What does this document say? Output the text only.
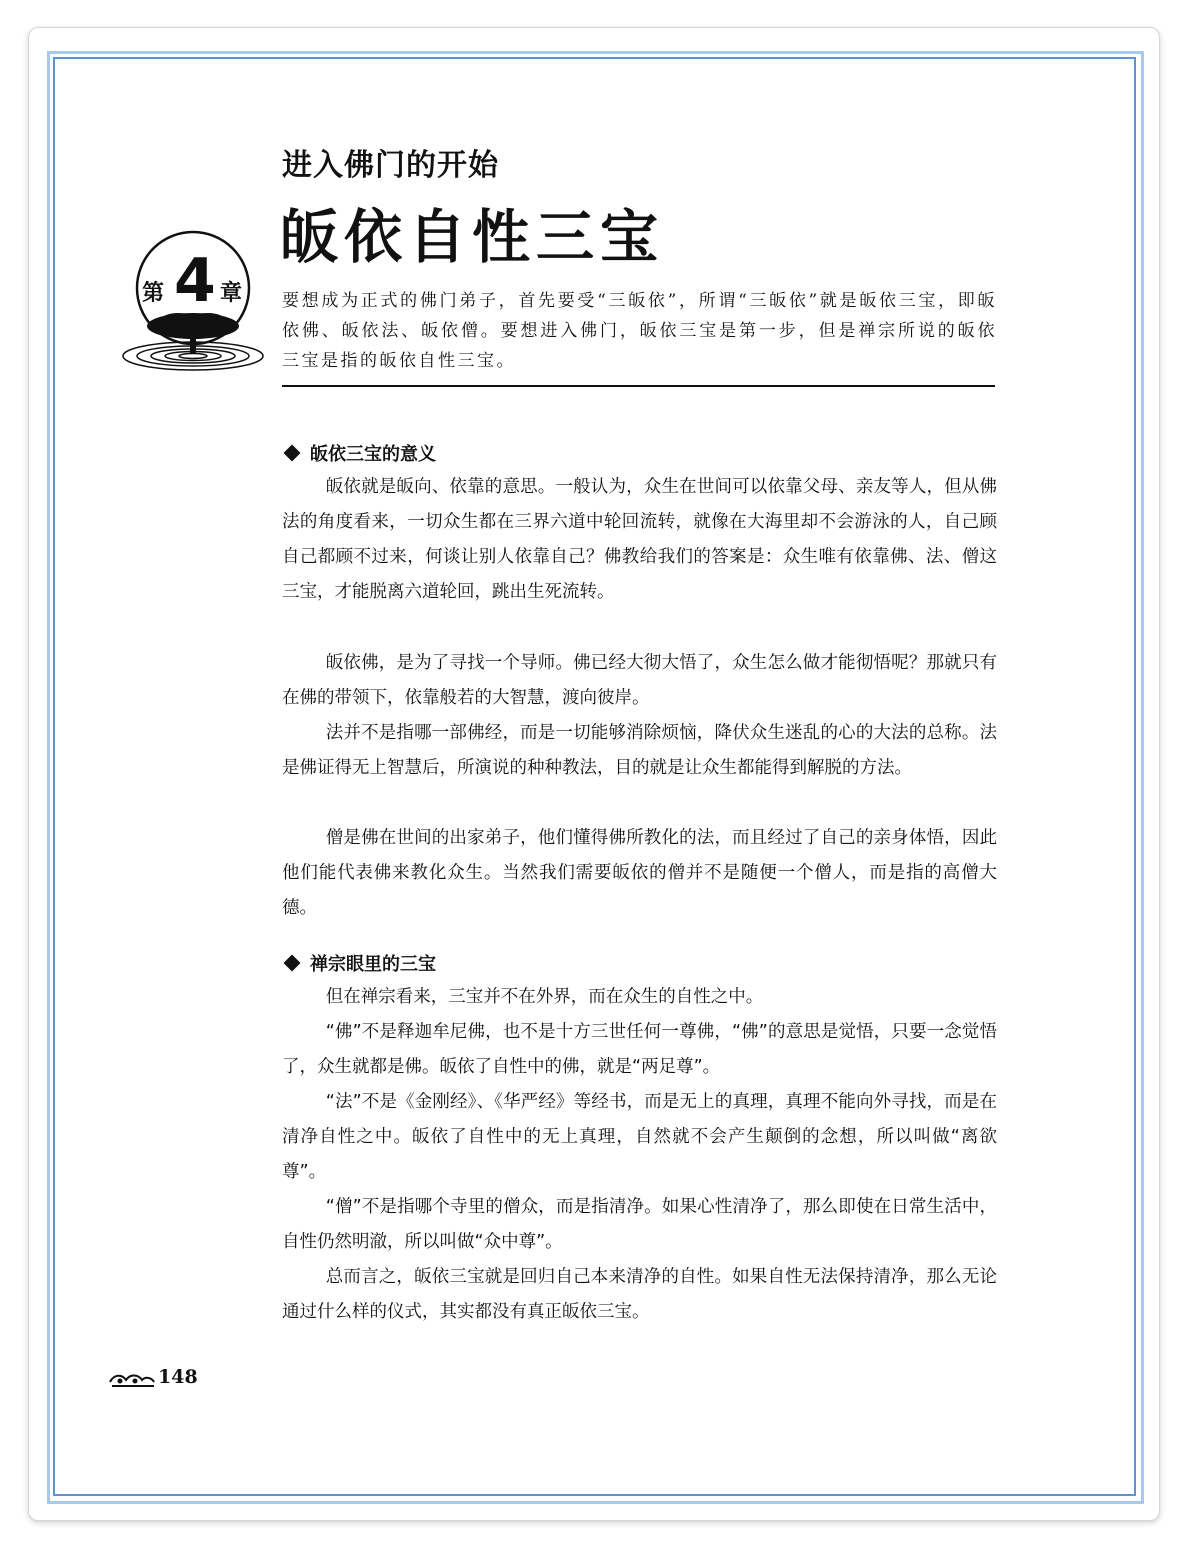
进入佛门的开始
皈依自性三宝
第 4 章 要想成为正式的佛门弟子，首先要受“三皈依”，所谓“三皈依”就是皈依三宝，即皈依佛、皈依法、皈依僧。要想进入佛门，皈依三宝是第一步，但是禅宗所说的皈依三宝是指的皈依自性三宝。
皈依三宝的意义

皈依就是皈向、依靠的意思。一般认为，众生在世间可以依靠父母、亲友等人，但从佛法的角度看来，一切众生都在三界六道中轮回流转，就像在大海里却不会游泳的人，自己顾自己都顾不过来，何谈让别人依靠自己？佛教给我们的答案是：众生唯有依靠佛、法、僧这三宝，才能脱离六道轮回，跳出生死流转。

皈依佛，是为了寻找一个导师。佛已经大彻大悟了，众生怎么做才能彻悟呢？那就只有在佛的带领下，依靠般若的大智慧，渡向彼岸。

法并不是指哪一部佛经，而是一切能够消除烦恼，降伏众生迷乱的心的大法的总称。法是佛证得无上智慧后，所演说的种种教法，目的就是让众生都能得到解脱的方法。

僧是佛在世间的出家弟子，他们懂得佛所教化的法，而且经过了自己的亲身体悟，因此他们能代表佛来教化众生。当然我们需要皈依的僧并不是随便一个僧人，而是指的高僧大德。

禅宗眼里的三宝

但在禅宗看来，三宝并不在外界，而在众生的自性之中。

“佛”不是释迦牟尼佛，也不是十方三世任何一尊佛，“佛”的意思是觉悟，只要一念觉悟了，众生就都是佛。皈依了自性中的佛，就是“两足尊”。

“法”不是《金刚经》、《华严经》等经书，而是无上的真理，真理不能向外寻找，而是在清净自性之中。皈依了自性中的无上真理，自然就不会产生颠倒的念想，所以叫做“离欲尊”。

“僧”不是指哪个寺里的僧众，而是指清净。如果心性清净了，那么即使在日常生活中，自性仍然明澈，所以叫做“众中尊”。

总而言之，皈依三宝就是回归自己本来清净的自性。如果自性无法保持清净，那么无论通过什么样的仪式，其实都没有真正皈依三宝。

148
